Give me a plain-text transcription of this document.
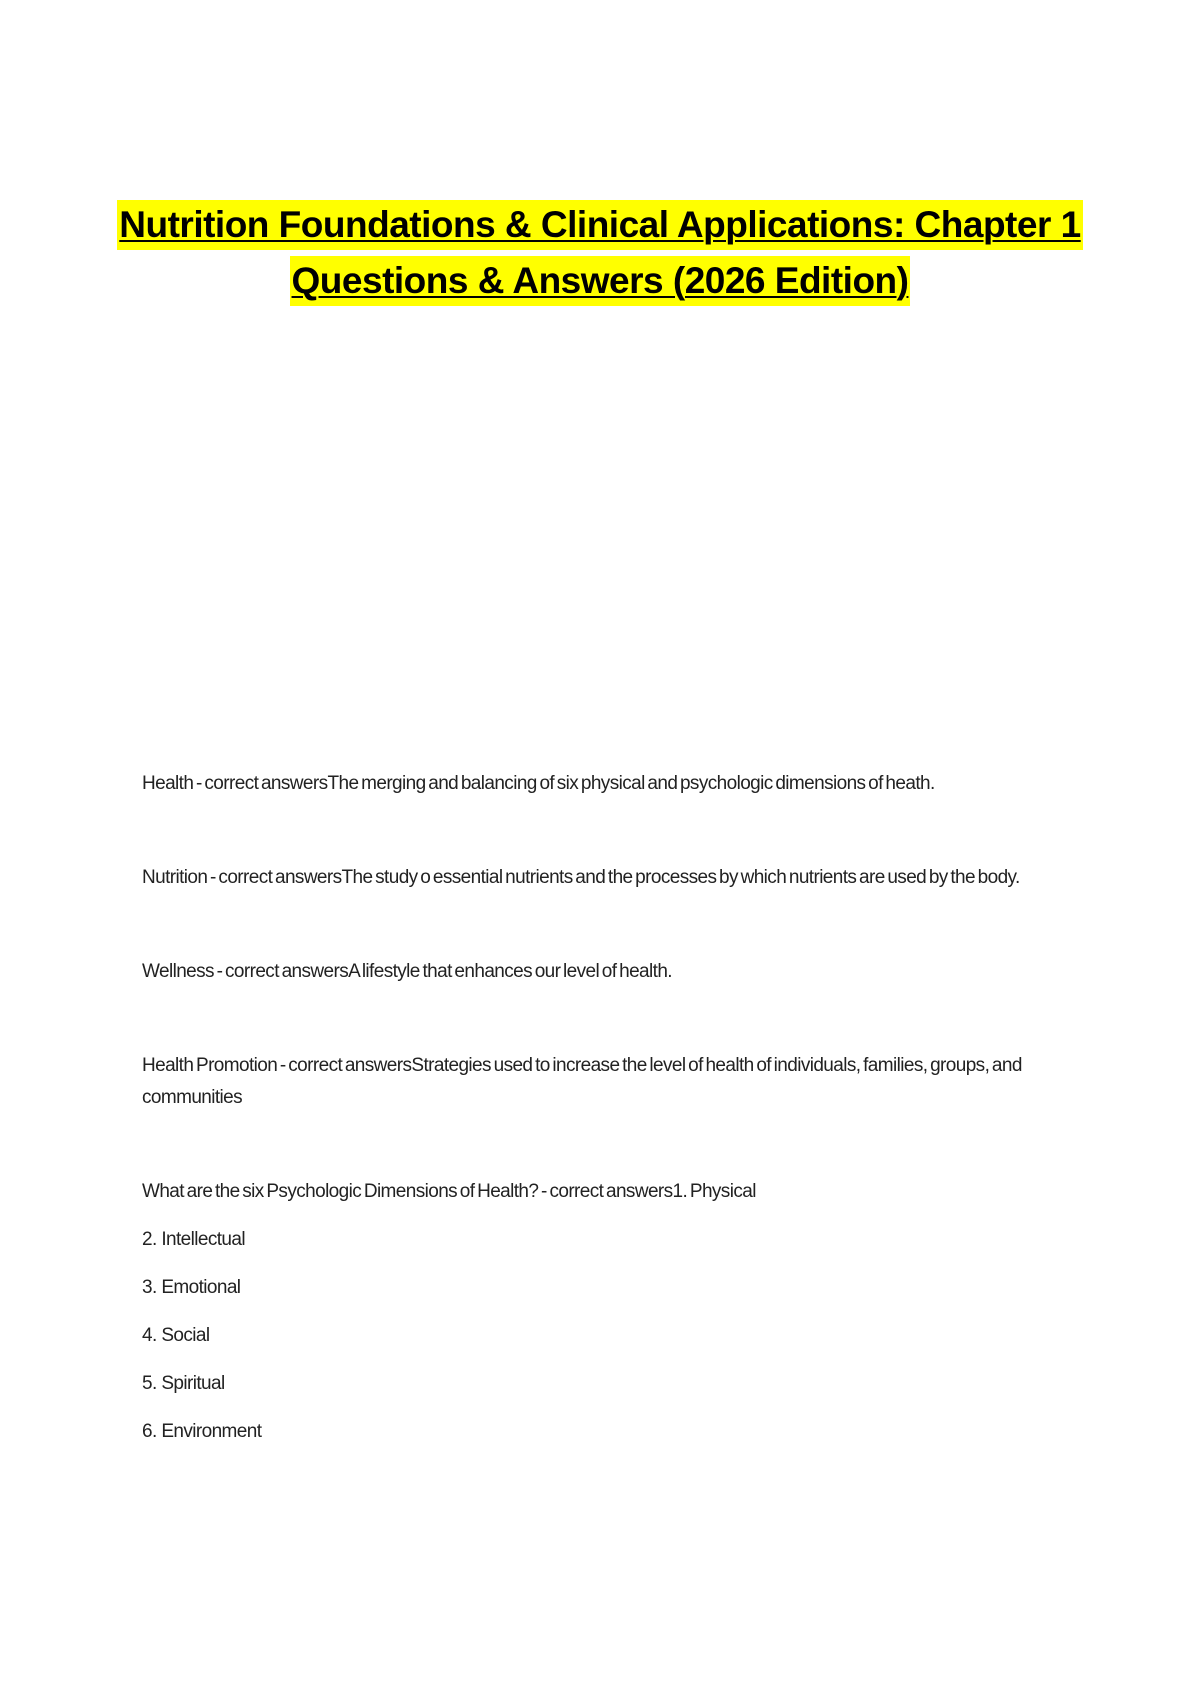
Nutrition Foundations & Clinical Applications: Chapter 1
Questions & Answers (2026 Edition)
Health - correct answersThe merging and balancing of six physical and psychologic dimensions of heath.
Nutrition - correct answersThe study o essential nutrients and the processes by which nutrients are used by the body.
Wellness - correct answersA lifestyle that enhances our level of health.
Health Promotion - correct answersStrategies used to increase the level of health of individuals, families, groups, and communities
What are the six Psychologic Dimensions of Health? - correct answers1. Physical
2. Intellectual
3. Emotional
4. Social
5. Spiritual
6. Environment
